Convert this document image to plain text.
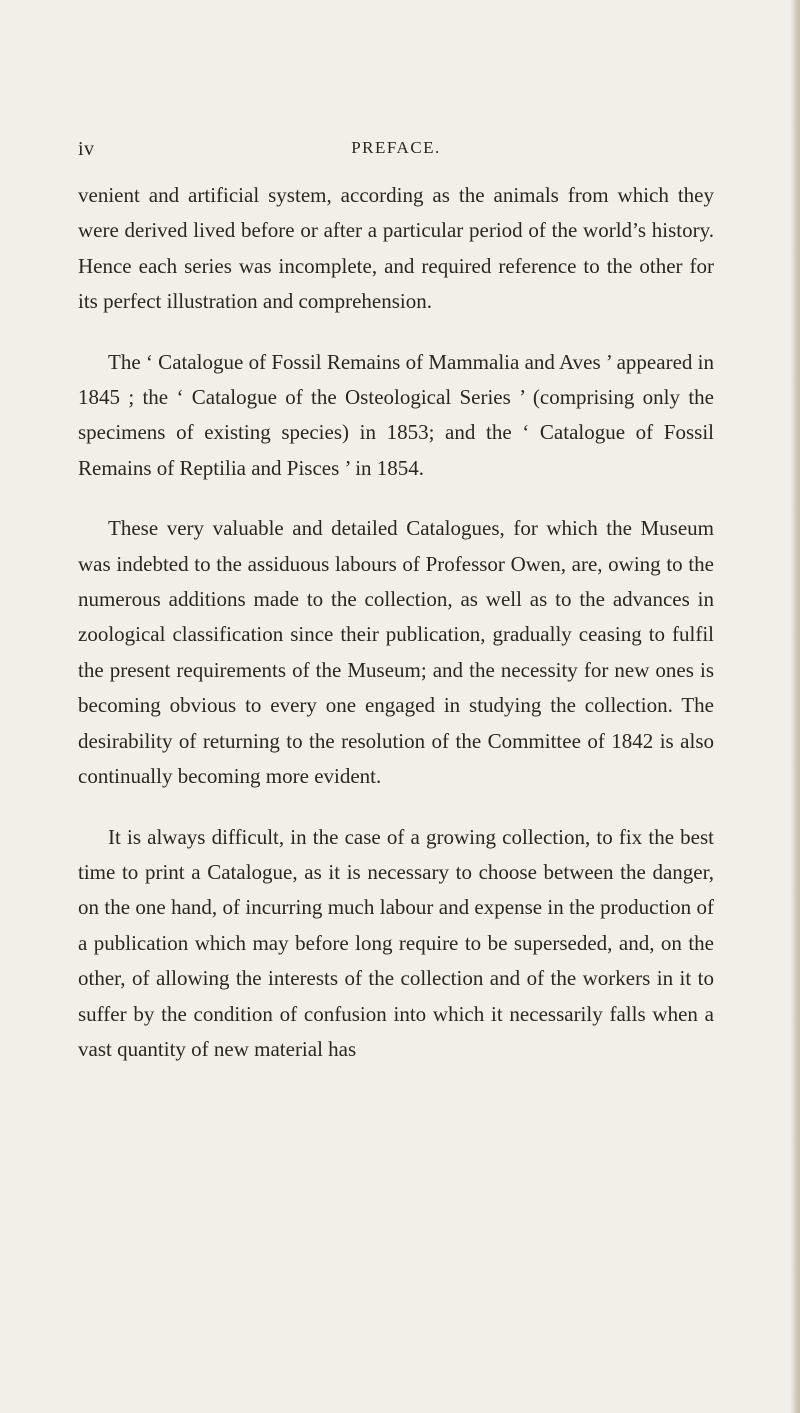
iv	PREFACE.

venient and artificial system, according as the animals from which they were derived lived before or after a particular period of the world’s history. Hence each series was incomplete, and required reference to the other for its perfect illustration and comprehension.

The ‘ Catalogue of Fossil Remains of Mammalia and Aves ’ appeared in 1845 ; the ‘ Catalogue of the Osteological Series ’ (comprising only the specimens of existing species) in 1853; and the ‘ Catalogue of Fossil Remains of Reptilia and Pisces ’ in 1854.

These very valuable and detailed Catalogues, for which the Museum was indebted to the assiduous labours of Professor Owen, are, owing to the numerous additions made to the collection, as well as to the advances in zoological classification since their publication, gradually ceasing to fulfil the present requirements of the Museum; and the necessity for new ones is becoming obvious to every one engaged in studying the collection. The desirability of returning to the resolution of the Committee of 1842 is also continually becoming more evident.

It is always difficult, in the case of a growing collection, to fix the best time to print a Catalogue, as it is necessary to choose between the danger, on the one hand, of incurring much labour and expense in the production of a publication which may before long require to be superseded, and, on the other, of allowing the interests of the collection and of the workers in it to suffer by the condition of confusion into which it necessarily falls when a vast quantity of new material has
